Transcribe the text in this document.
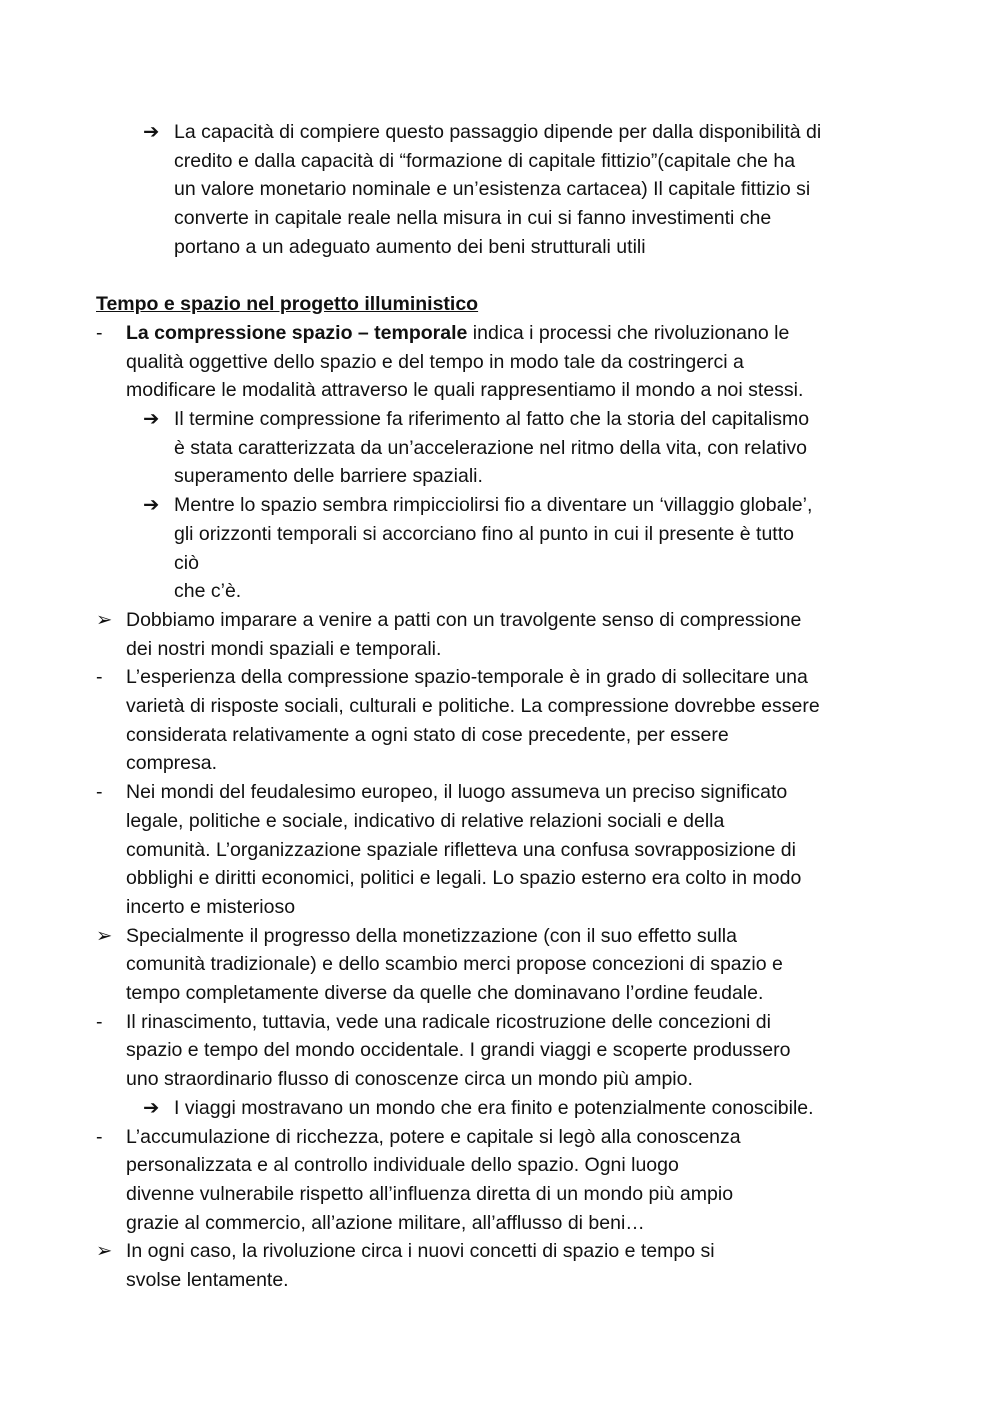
➔ La capacità di compiere questo passaggio dipende per dalla disponibilità di
credito e dalla capacità di “formazione di capitale fittizio”(capitale che ha
un valore monetario nominale e un’esistenza cartacea) Il capitale fittizio si
converte in capitale reale nella misura in cui si fanno investimenti che
portano a un adeguato aumento dei beni strutturali utili
Tempo e spazio nel progetto illuministico
-	La compressione spazio – temporale indica i processi che rivoluzionano le
qualità oggettive dello spazio e del tempo in modo tale da costringerci a
modificare le modalità attraverso le quali rappresentiamo il mondo a noi stessi.
➔ Il termine compressione fa riferimento al fatto che la storia del capitalismo
è stata caratterizzata da un’accelerazione nel ritmo della vita, con relativo
superamento delle barriere spaziali.
➔ Mentre lo spazio sembra rimpicciolirsi fio a diventare un ‘villaggio globale’,
gli orizzonti temporali si accorciano fino al punto in cui il presente è tutto
ciò
che c’è.
➢ Dobbiamo imparare a venire a patti con un travolgente senso di compressione
dei nostri mondi spaziali e temporali.
-	L’esperienza della compressione spazio-temporale è in grado di sollecitare una
varietà di risposte sociali, culturali e politiche. La compressione dovrebbe essere
considerata relativamente a ogni stato di cose precedente, per essere
compresa.
-	Nei mondi del feudalesimo europeo, il luogo assumeva un preciso significato
legale, politiche e sociale, indicativo di relative relazioni sociali e della
comunità. L’organizzazione spaziale rifletteva una confusa sovrapposizione di
obblighi e diritti economici, politici e legali. Lo spazio esterno era colto in modo
incerto e misterioso
➢ Specialmente il progresso della monetizzazione (con il suo effetto sulla
comunità tradizionale) e dello scambio merci propose concezioni di spazio e
tempo completamente diverse da quelle che dominavano l’ordine feudale.
-	Il rinascimento, tuttavia, vede una radicale ricostruzione delle concezioni di
spazio e tempo del mondo occidentale. I grandi viaggi e scoperte produssero
uno straordinario flusso di conoscenze circa un mondo più ampio.
➔ I viaggi mostravano un mondo che era finito e potenzialmente conoscibile.
-	L’accumulazione di ricchezza, potere e capitale si legò alla conoscenza
personalizzata e al controllo individuale dello spazio. Ogni luogo
divenne vulnerabile rispetto all’influenza diretta di un mondo più ampio
grazie al commercio, all’azione militare, all’afflusso di beni…
➢ In ogni caso, la rivoluzione circa i nuovi concetti di spazio e tempo si
svolse lentamente.
